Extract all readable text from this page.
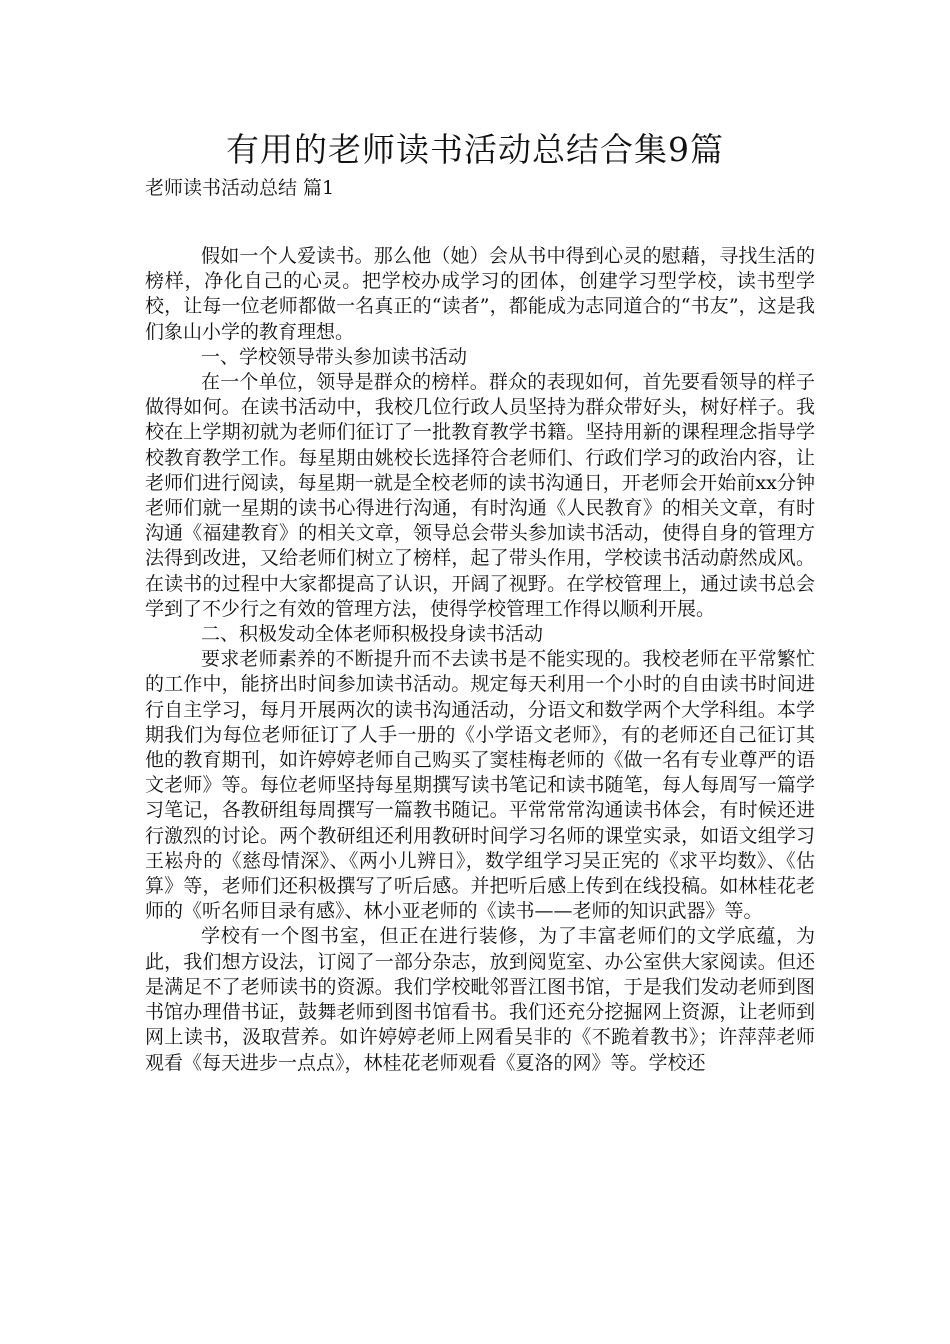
有用的老师读书活动总结合集9篇
老师读书活动总结 篇1

假如一个人爱读书。那么他（她）会从书中得到心灵的慰藉，寻找生活的榜样，净化自己的心灵。把学校办成学习的团体，创建学习型学校，读书型学校，让每一位老师都做一名真正的“读者”，都能成为志同道合的“书友”，这是我们象山小学的教育理想。

一、学校领导带头参加读书活动

在一个单位，领导是群众的榜样。群众的表现如何，首先要看领导的样子做得如何。在读书活动中，我校几位行政人员坚持为群众带好头，树好样子。我校在上学期初就为老师们征订了一批教育教学书籍。坚持用新的课程理念指导学校教育教学工作。每星期由姚校长选择符合老师们、行政们学习的政治内容，让老师们进行阅读，每星期一就是全校老师的读书沟通日，开老师会开始前xx分钟老师们就一星期的读书心得进行沟通，有时沟通《人民教育》的相关文章，有时沟通《福建教育》的相关文章，领导总会带头参加读书活动，使得自身的管理方法得到改进，又给老师们树立了榜样，起了带头作用，学校读书活动蔚然成风。在读书的过程中大家都提高了认识，开阔了视野。在学校管理上，通过读书总会学到了不少行之有效的管理方法，使得学校管理工作得以顺利开展。

二、积极发动全体老师积极投身读书活动

要求老师素养的不断提升而不去读书是不能实现的。我校老师在平常繁忙的工作中，能挤出时间参加读书活动。规定每天利用一个小时的自由读书时间进行自主学习，每月开展两次的读书沟通活动，分语文和数学两个大学科组。本学期我们为每位老师征订了人手一册的《小学语文老师》，有的老师还自己征订其他的教育期刊，如许婷婷老师自己购买了窦桂梅老师的《做一名有专业尊严的语文老师》等。每位老师坚持每星期撰写读书笔记和读书随笔，每人每周写一篇学习笔记，各教研组每周撰写一篇教书随记。平常常常沟通读书体会，有时候还进行激烈的讨论。两个教研组还利用教研时间学习名师的课堂实录，如语文组学习王崧舟的《慈母情深》、《两小儿辨日》，数学组学习吴正宪的《求平均数》、《估算》等，老师们还积极撰写了听后感。并把听后感上传到在线投稿。如林桂花老师的《听名师目录有感》、林小亚老师的《读书——老师的知识武器》等。

学校有一个图书室，但正在进行装修，为了丰富老师们的文学底蕴，为此，我们想方设法，订阅了一部分杂志，放到阅览室、办公室供大家阅读。但还是满足不了老师读书的资源。我们学校毗邻晋江图书馆，于是我们发动老师到图书馆办理借书证，鼓舞老师到图书馆看书。我们还充分挖掘网上资源，让老师到网上读书，汲取营养。如许婷婷老师上网看吴非的《不跪着教书》；许萍萍老师观看《每天进步一点点》，林桂花老师观看《夏洛的网》等。学校还
